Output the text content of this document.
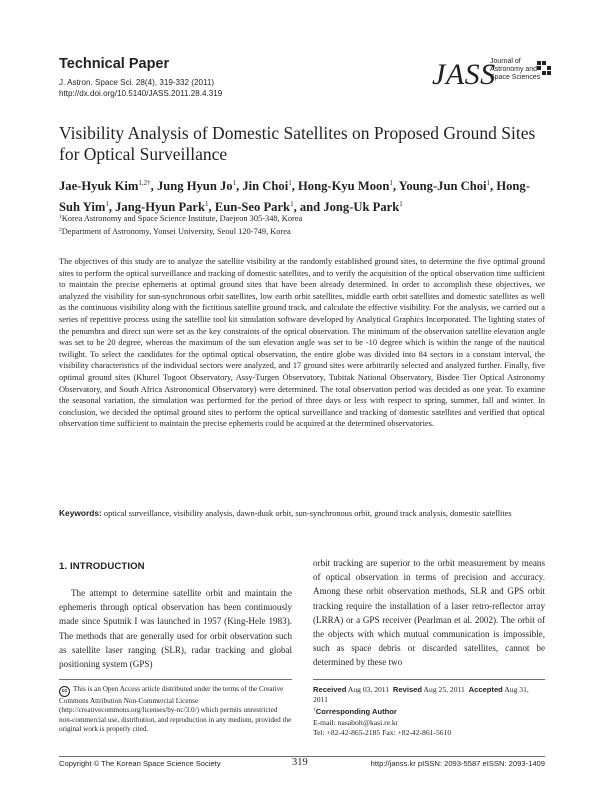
Technical Paper
J. Astron. Space Sci. 28(4), 319-332 (2011)
http://dx.doi.org/10.5140/JASS.2011.28.4.319
JASS
Journal of
Astronomy and
Space Sciences
Visibility Analysis of Domestic Satellites on Proposed Ground Sites
for Optical Surveillance
Jae-Hyuk Kim$^{1,2\dagger}$, Jung Hyun Jo$^1$, Jin Choi$^1$, Hong-Kyu Moon$^1$, Young-Jun Choi$^1$, Hong-Suh Yim$^1$, Jang-Hyun Park$^1$, Eun-Seo Park$^1$, and Jong-Uk Park$^1$
$^1$Korea Astronomy and Space Science Institute, Daejeon 305-348, Korea
$^2$Department of Astronomy, Yonsei University, Seoul 120-749, Korea
The objectives of this study are to analyze the satellite visibility at the randomly established ground sites, to determine the five optimal ground sites to perform the optical surveillance and tracking of domestic satellites, and to verify the acquisition of the optical observation time sufficient to maintain the precise ephemeris at optimal ground sites that have been already determined. In order to accomplish these objectives, we analyzed the visibility for sun-synchronous orbit satellites, low earth orbit satellites, middle earth orbit satellites and domestic satellites as well as the continuous visibility along with the fictitious satellite ground track, and calculate the effective visibility. For the analysis, we carried out a series of repetitive process using the satellite tool kit simulation software developed by Analytical Graphics Incorporated. The lighting states of the penumbra and direct sun were set as the key constraints of the optical observation. The minimum of the observation satellite elevation angle was set to be 20 degree, whereas the maximum of the sun elevation angle was set to be -10 degree which is within the range of the nautical twilight. To select the candidates for the optimal optical observation, the entire globe was divided into 84 sectors in a constant interval, the visibility characteristics of the individual sectors were analyzed, and 17 ground sites were arbitrarily selected and analyzed further. Finally, five optimal ground sites (Khurel Togoot Observatory, Assy-Turgen Observatory, Tubitak National Observatory, Bisdee Tier Optical Astronomy Observatory, and South Africa Astronomical Observatory) were determined. The total observation period was decided as one year. To examine the seasonal variation, the simulation was performed for the period of three days or less with respect to spring, summer, fall and winter. In conclusion, we decided the optimal ground sites to perform the optical surveillance and tracking of domestic satellites and verified that optical observation time sufficient to maintain the precise ephemeris could be acquired at the determined observatories.
Keywords: optical surveillance, visibility analysis, dawn-dusk orbit, sun-synchronous orbit, ground track analysis, domestic satellites
1. INTRODUCTION
The attempt to determine satellite orbit and maintain the ephemeris through optical observation has been continuously made since Sputnik I was launched in 1957 (King-Hele 1983). The methods that are generally used for orbit observation such as satellite laser ranging (SLR), radar tracking and global positioning system (GPS)
orbit tracking are superior to the orbit measurement by means of optical observation in terms of precision and accuracy. Among these orbit observation methods, SLR and GPS orbit tracking require the installation of a laser retro-reflector array (LRRA) or a GPS receiver (Pearlman et al. 2002). The orbit of the objects with which mutual communication is impossible, such as space debris or discarded satellites, cannot be determined by these two
cc This is an Open Access article distributed under the terms of the Creative Commons Attribution Non-Commercial License (http://creativecommons.org/licenses/by-nc/3.0/) which permits unrestricted non-commercial use, distribution, and reproduction in any medium, provided the original work is properly cited.
Received Aug 03, 2011 Revised Aug 25, 2011 Accepted Aug 31, 2011
†Corresponding Author
E-mail: nasabolt@kasi.re.kr
Tel: +82-42-865-2185 Fax: +82-42-861-5610
Copyright © The Korean Space Science Society	319	http://janss.kr pISSN: 2093-5587 eISSN: 2093-1409
